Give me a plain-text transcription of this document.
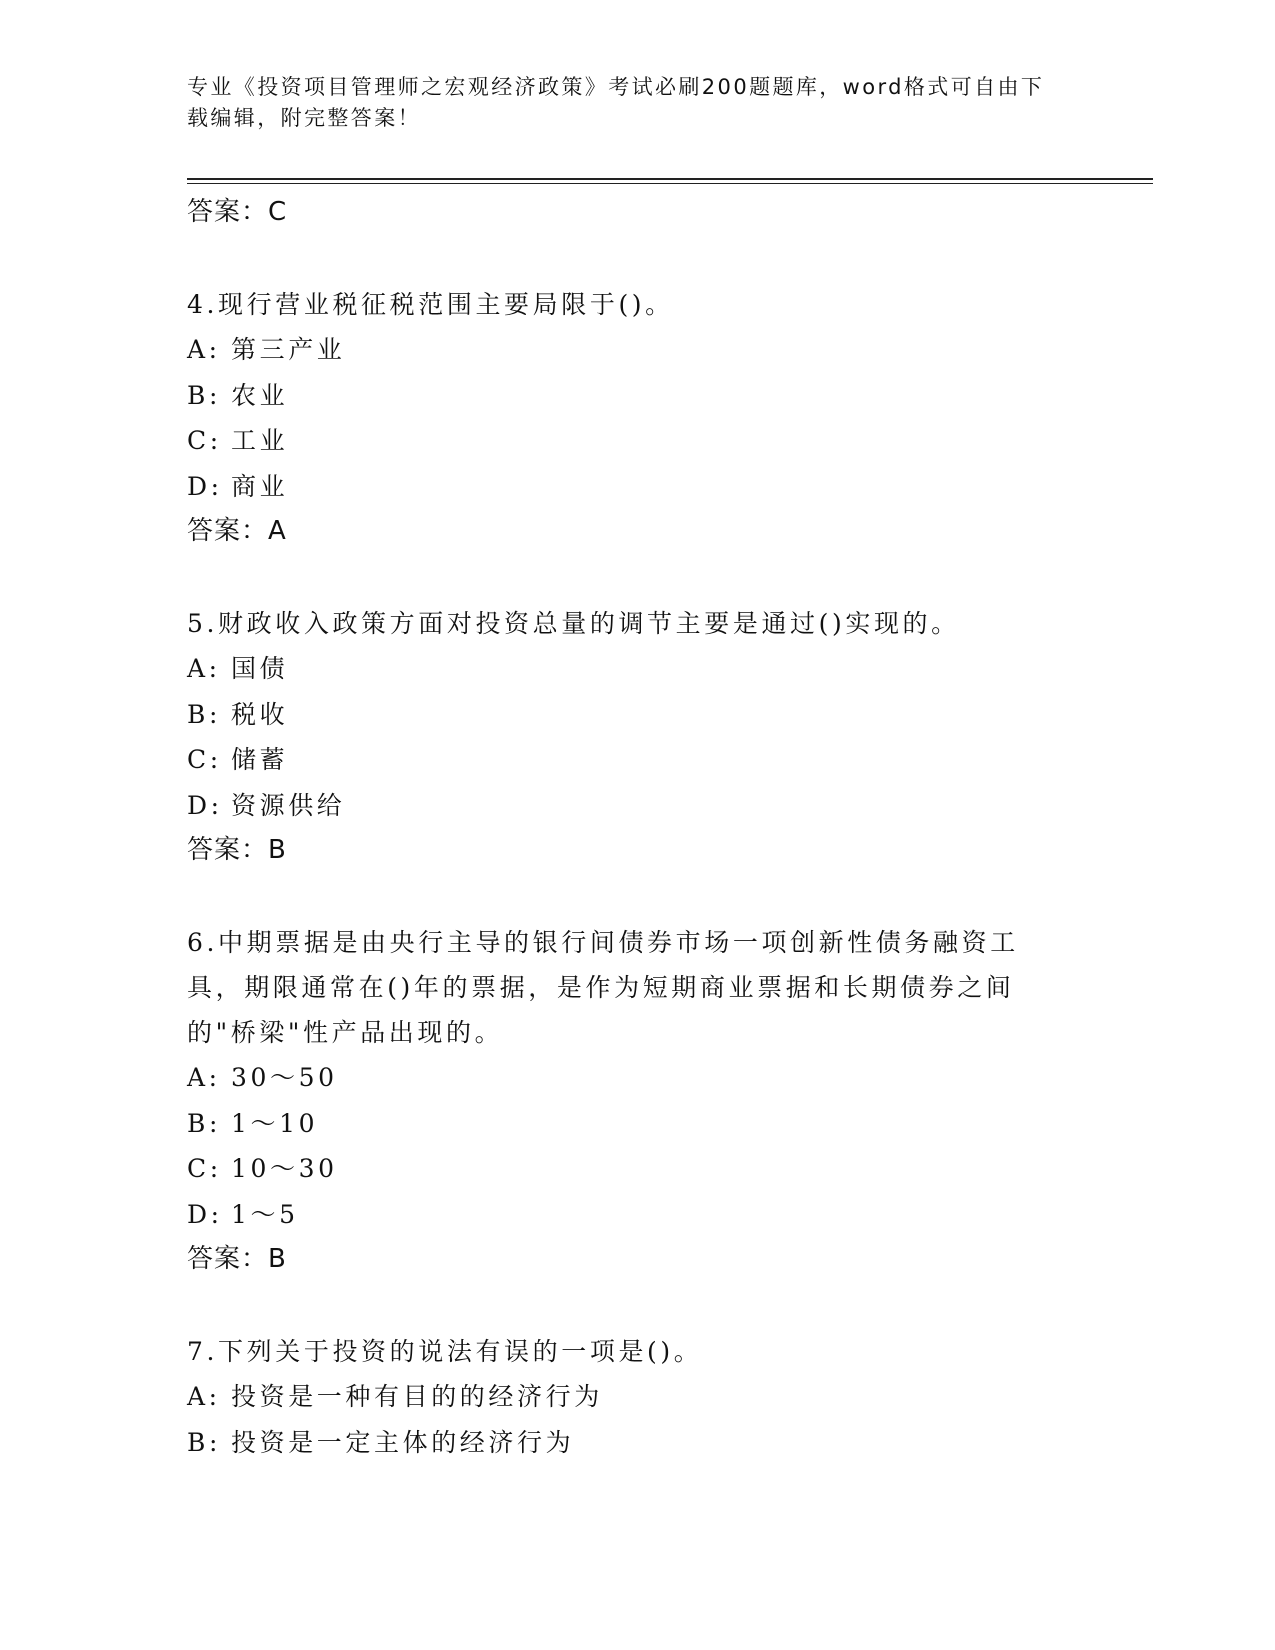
专业《投资项目管理师之宏观经济政策》考试必刷200题题库，word格式可自由下载编辑，附完整答案！
答案：C
4.现行营业税征税范围主要局限于()。
A: 第三产业
B: 农业
C: 工业
D: 商业
答案：A
5.财政收入政策方面对投资总量的调节主要是通过()实现的。
A: 国债
B: 税收
C: 储蓄
D: 资源供给
答案：B
6.中期票据是由央行主导的银行间债券市场一项创新性债务融资工具，期限通常在()年的票据，是作为短期商业票据和长期债券之间的"桥梁"性产品出现的。
A: 30～50
B: 1～10
C: 10～30
D: 1～5
答案：B
7.下列关于投资的说法有误的一项是()。
A: 投资是一种有目的的经济行为
B: 投资是一定主体的经济行为
